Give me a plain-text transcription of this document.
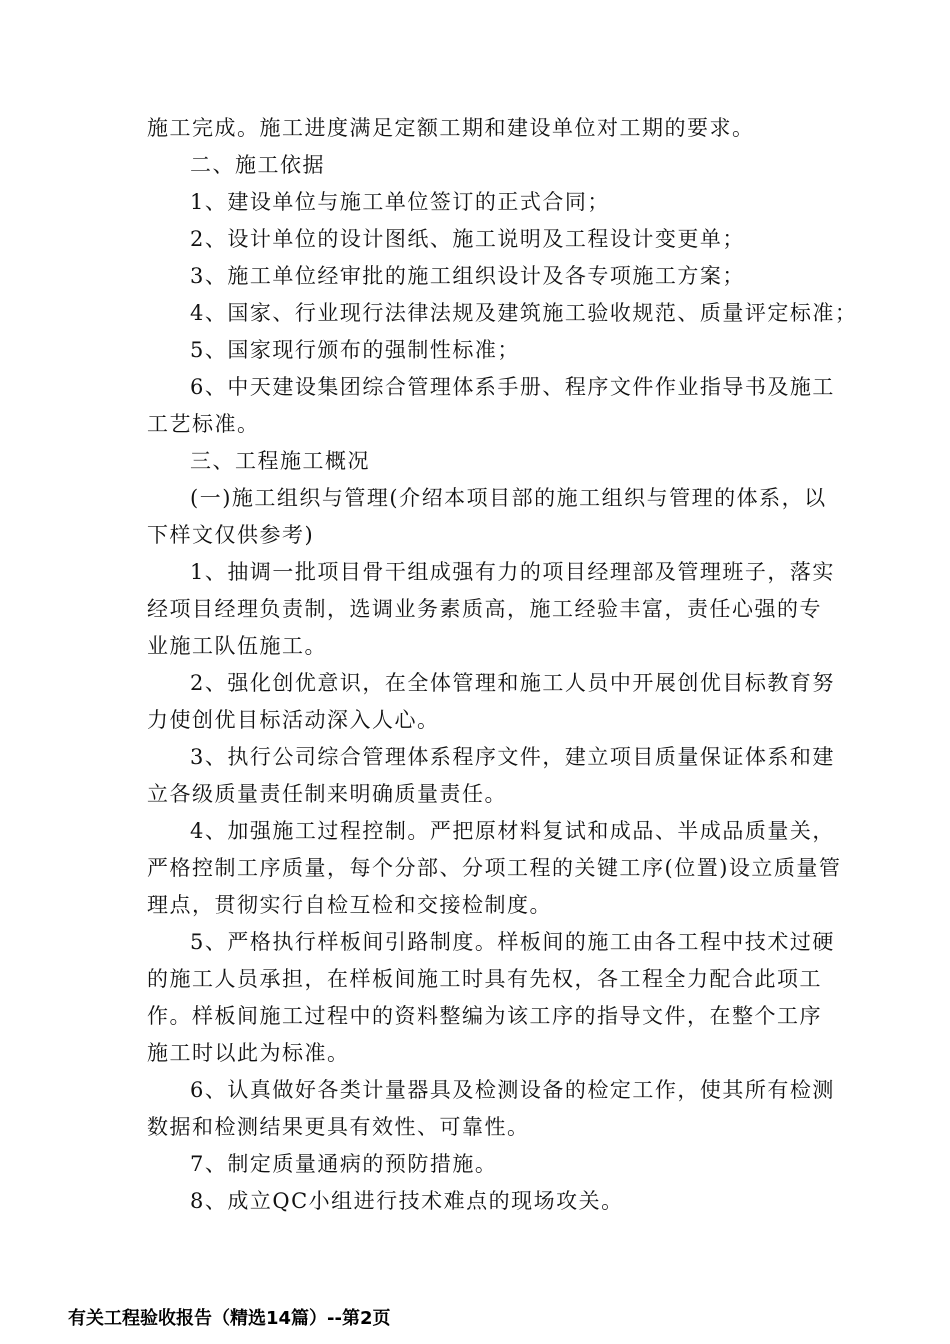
施工完成。施工进度满足定额工期和建设单位对工期的要求。
二、施工依据
1、建设单位与施工单位签订的正式合同；
2、设计单位的设计图纸、施工说明及工程设计变更单；
3、施工单位经审批的施工组织设计及各专项施工方案；
4、国家、行业现行法律法规及建筑施工验收规范、质量评定标准；
5、国家现行颁布的强制性标准；
6、中天建设集团综合管理体系手册、程序文件作业指导书及施工
工艺标准。
三、工程施工概况
(一)施工组织与管理(介绍本项目部的施工组织与管理的体系，以
下样文仅供参考)
1、抽调一批项目骨干组成强有力的项目经理部及管理班子，落实
经项目经理负责制，选调业务素质高，施工经验丰富，责任心强的专
业施工队伍施工。
2、强化创优意识，在全体管理和施工人员中开展创优目标教育努
力使创优目标活动深入人心。
3、执行公司综合管理体系程序文件，建立项目质量保证体系和建
立各级质量责任制来明确质量责任。
4、加强施工过程控制。严把原材料复试和成品、半成品质量关，
严格控制工序质量，每个分部、分项工程的关键工序(位置)设立质量管
理点，贯彻实行自检互检和交接检制度。
5、严格执行样板间引路制度。样板间的施工由各工程中技术过硬
的施工人员承担，在样板间施工时具有先权，各工程全力配合此项工
作。样板间施工过程中的资料整编为该工序的指导文件，在整个工序
施工时以此为标准。
6、认真做好各类计量器具及检测设备的检定工作，使其所有检测
数据和检测结果更具有效性、可靠性。
7、制定质量通病的预防措施。
8、成立QC小组进行技术难点的现场攻关。
有关工程验收报告（精选14篇）--第2页
